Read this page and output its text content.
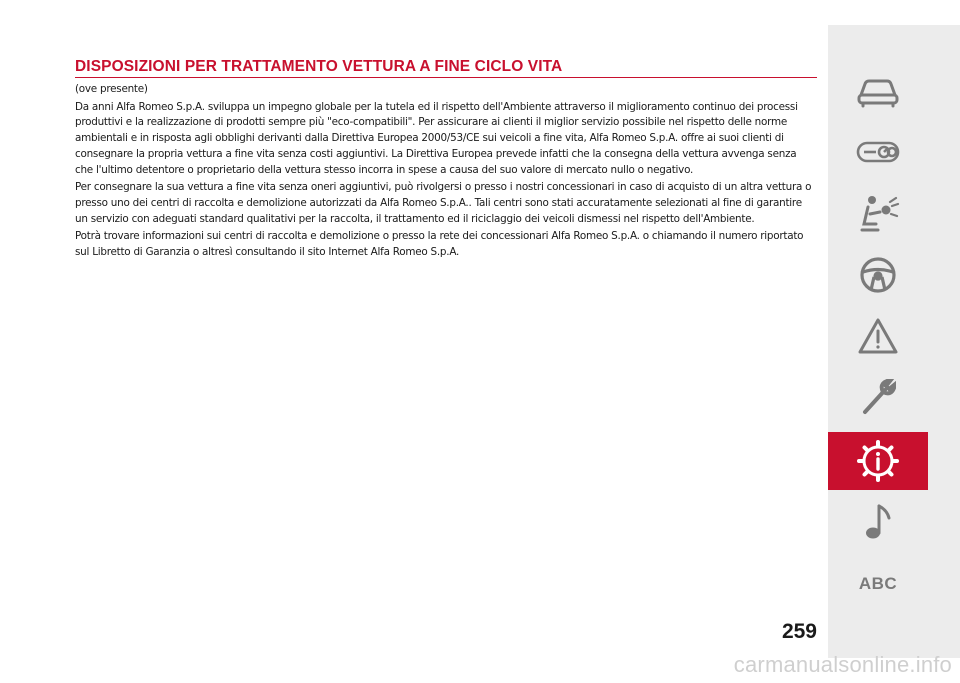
DISPOSIZIONI PER TRATTAMENTO VETTURA A FINE CICLO VITA

(ove presente)

Da anni Alfa Romeo S.p.A. sviluppa un impegno globale per la tutela ed il rispetto dell'Ambiente attraverso il miglioramento continuo dei processi produttivi e la realizzazione di prodotti sempre più "eco-compatibili". Per assicurare ai clienti il miglior servizio possibile nel rispetto delle norme ambientali e in risposta agli obblighi derivanti dalla Direttiva Europea 2000/53/CE sui veicoli a fine vita, Alfa Romeo S.p.A. offre ai suoi clienti di consegnare la propria vettura a fine vita senza costi aggiuntivi. La Direttiva Europea prevede infatti che la consegna della vettura avvenga senza che l'ultimo detentore o proprietario della vettura stesso incorra in spese a causa del suo valore di mercato nullo o negativo.

Per consegnare la sua vettura a fine vita senza oneri aggiuntivi, può rivolgersi o presso i nostri concessionari in caso di acquisto di un altra vettura o presso uno dei centri di raccolta e demolizione autorizzati da Alfa Romeo S.p.A.. Tali centri sono stati accuratamente selezionati al fine di garantire un servizio con adeguati standard qualitativi per la raccolta, il trattamento ed il riciclaggio dei veicoli dismessi nel rispetto dell'Ambiente.

Potrà trovare informazioni sui centri di raccolta e demolizione o presso la rete dei concessionari Alfa Romeo S.p.A. o chiamando il numero riportato sul Libretto di Garanzia o altresì consultando il sito Internet Alfa Romeo S.p.A.

259
ABC
carmanualsonline.info
